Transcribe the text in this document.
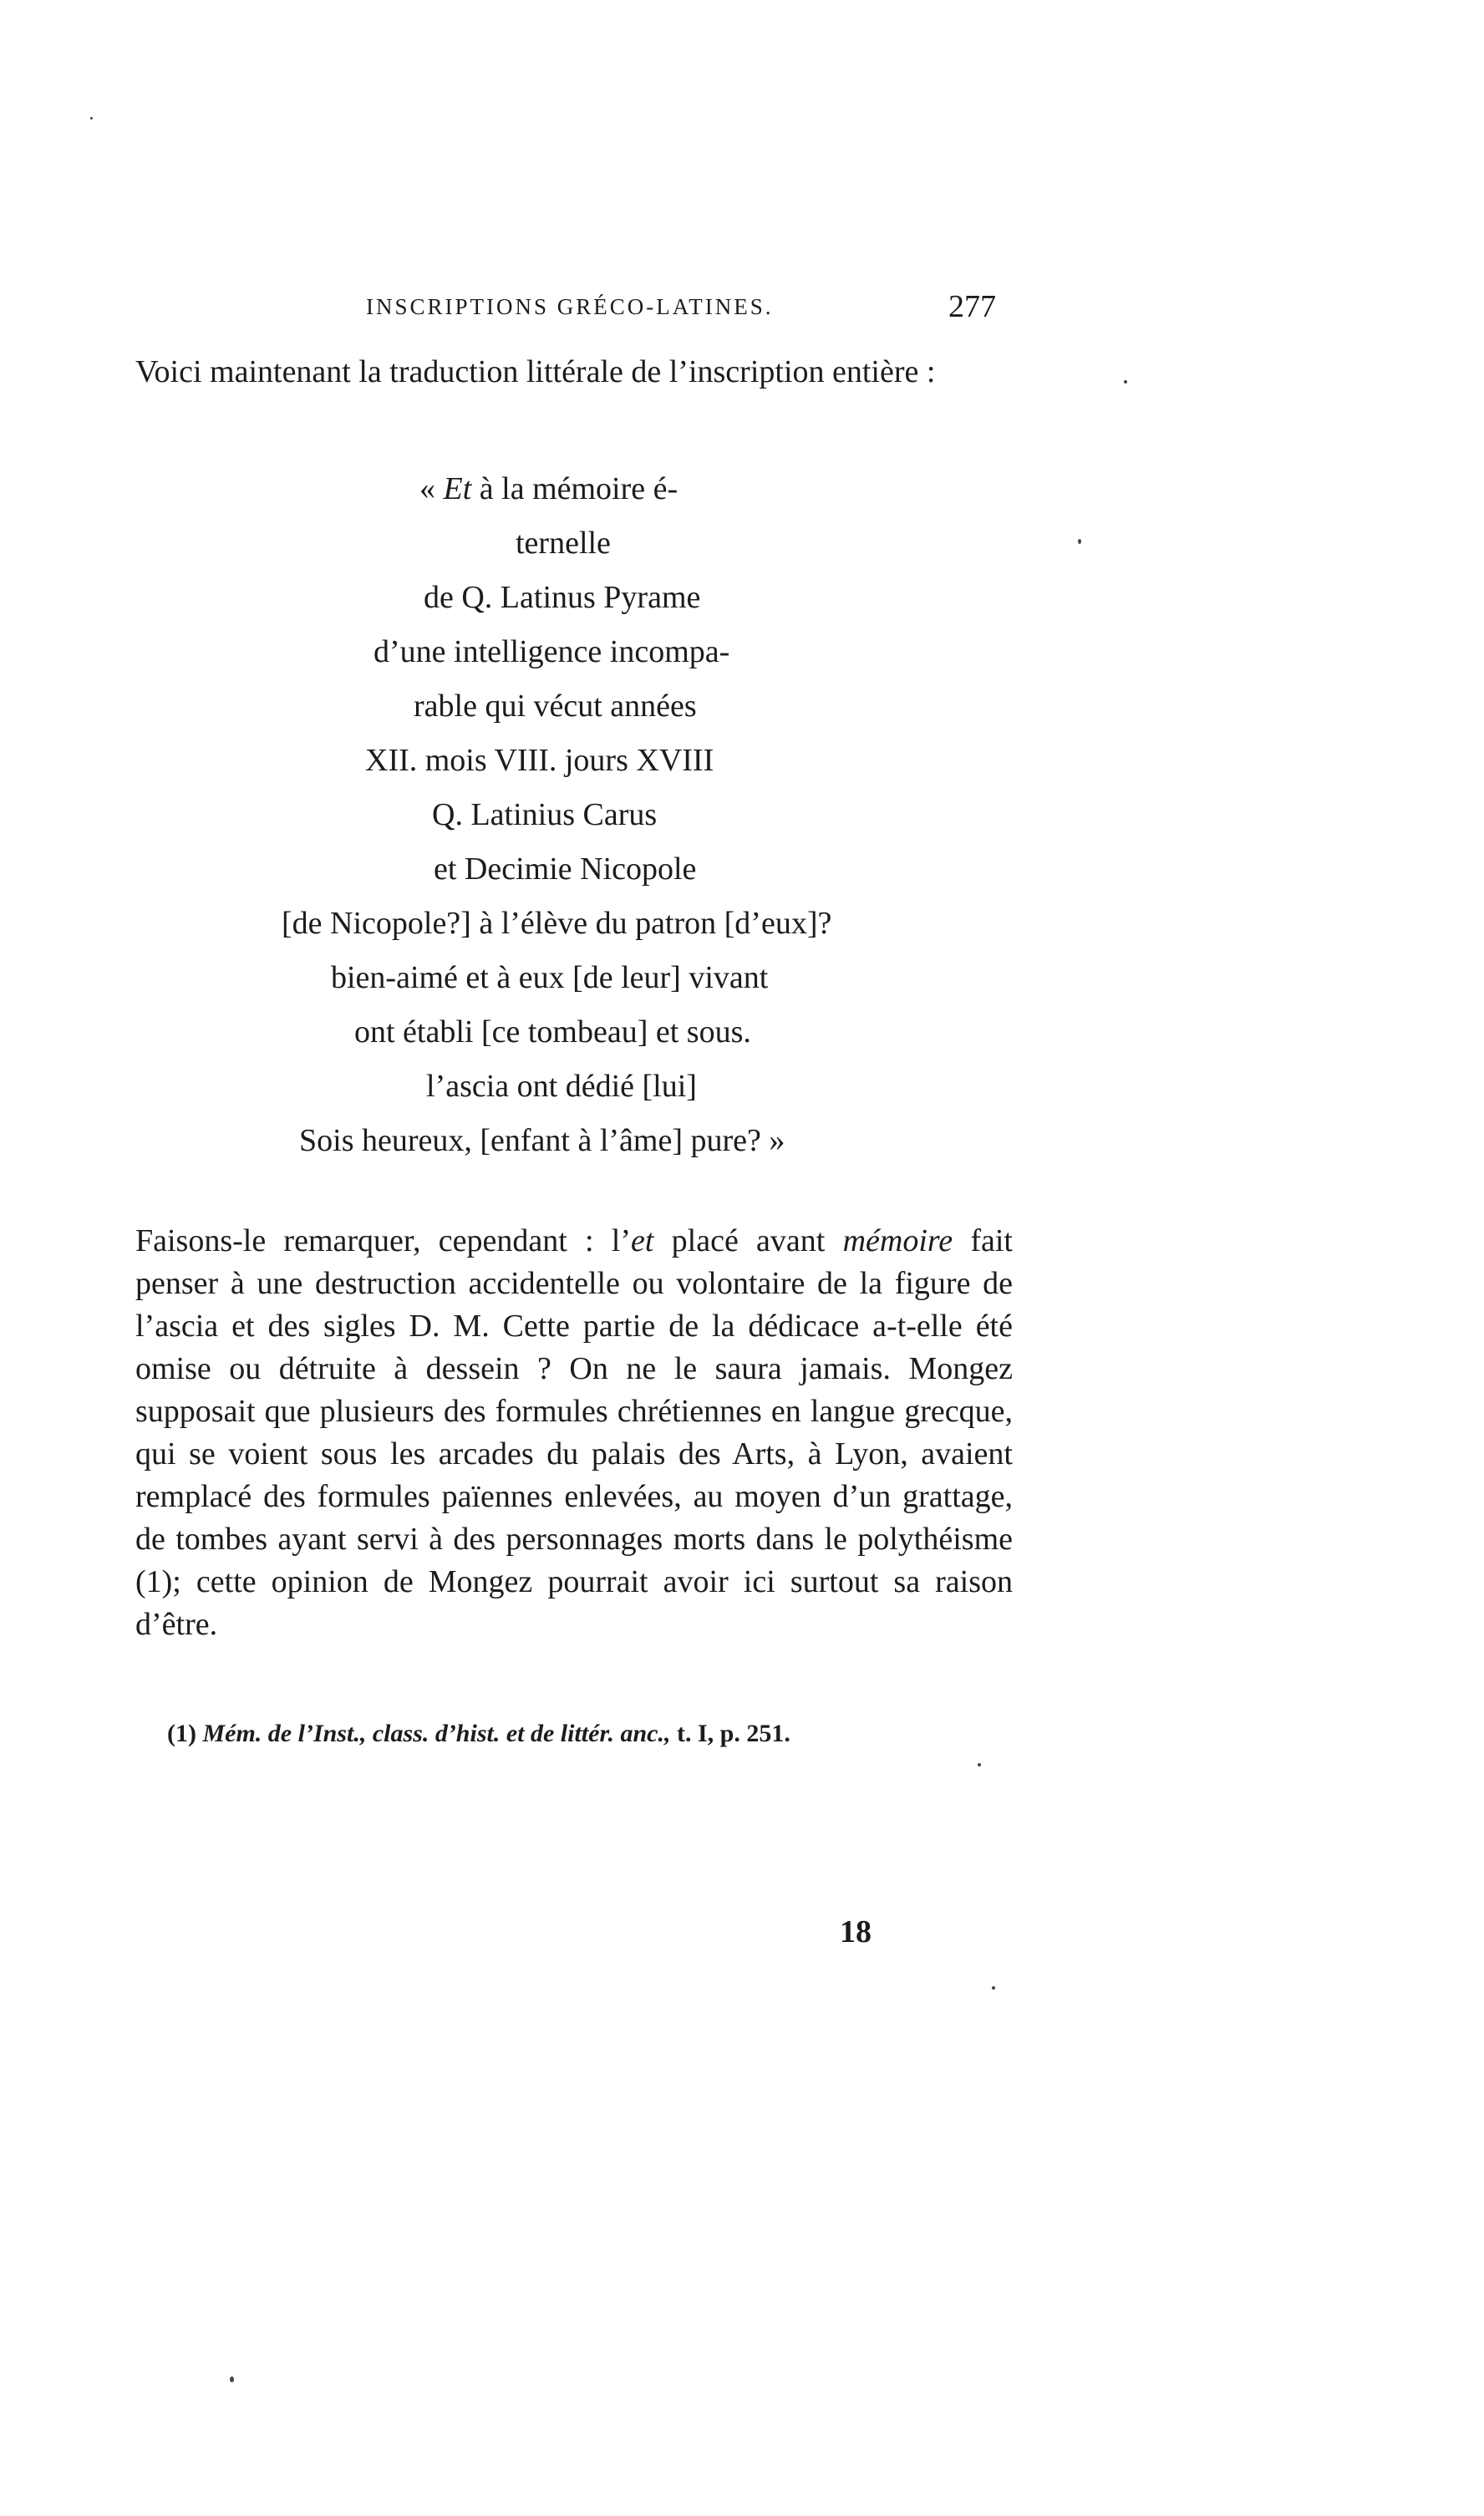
INSCRIPTIONS GRÉCO-LATINES.	277

Voici maintenant la traduction littérale de l’inscription entière :

« Et à la mémoire é-
ternelle
de Q. Latinus Pyrame
d’une intelligence incompa-
rable qui vécut années
XII. mois VIII. jours XVIII
Q. Latinius Carus
et Decimie Nicopole
[de Nicopole?] à l’élève du patron [d’eux]?
bien-aimé et à eux [de leur] vivant
ont établi [ce tombeau] et sous.
l’ascia ont dédié [lui]
Sois heureux, [enfant à l’âme] pure? »

Faisons-le remarquer, cependant : l’et placé avant mémoire fait penser à une destruction accidentelle ou volontaire de la figure de l’ascia et des sigles D. M. Cette partie de la dédicace a-t-elle été omise ou détruite à dessein ? On ne le saura jamais. Mongez supposait que plusieurs des formules chrétiennes en langue grecque, qui se voient sous les arcades du palais des Arts, à Lyon, avaient remplacé des formules païennes enlevées, au moyen d’un grattage, de tombes ayant servi à des personnages morts dans le polythéisme (1); cette opinion de Mongez pourrait avoir ici surtout sa raison d’être.

(1) Mém. de l’Inst., class. d’hist. et de littér. anc., t. I, p. 251.
18
